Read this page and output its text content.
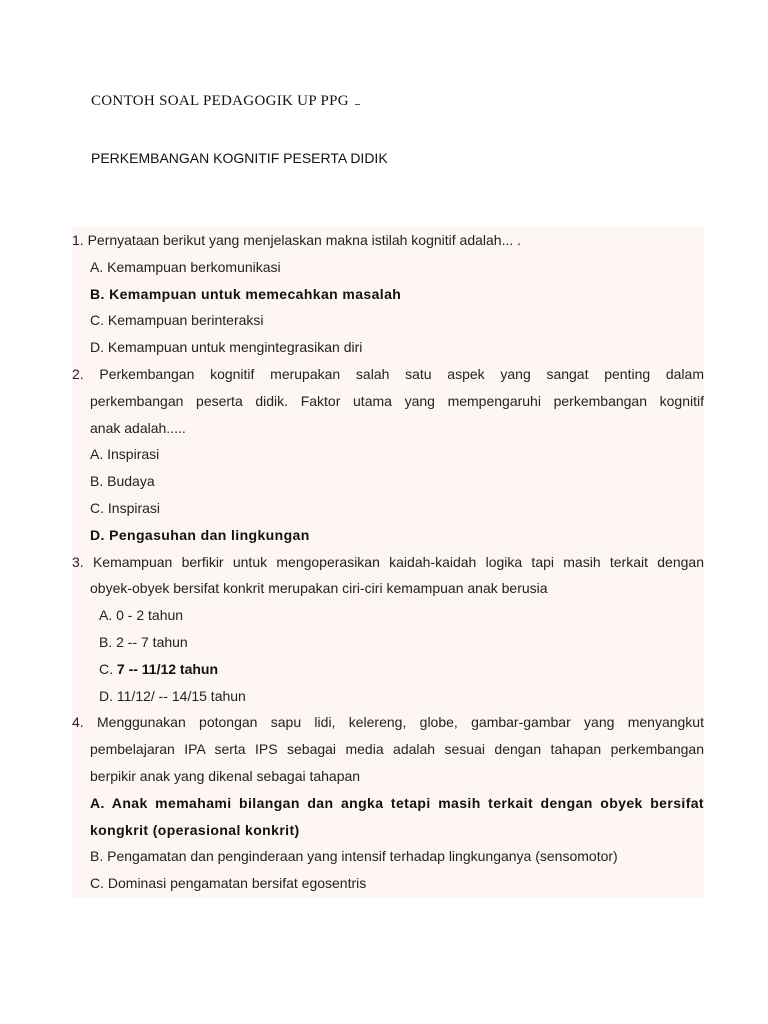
CONTOH SOAL PEDAGOGIK UP PPG
PERKEMBANGAN KOGNITIF PESERTA DIDIK
1. Pernyataan berikut yang menjelaskan makna istilah kognitif adalah... .
A. Kemampuan berkomunikasi
B. Kemampuan untuk memecahkan masalah
C. Kemampuan berinteraksi
D. Kemampuan untuk mengintegrasikan diri
2. Perkembangan kognitif merupakan salah satu aspek yang sangat penting dalam
perkembangan peserta didik. Faktor utama yang mempengaruhi perkembangan kognitif
anak adalah.....
A. Inspirasi
B. Budaya
C. Inspirasi
D. Pengasuhan dan lingkungan
3. Kemampuan berfikir untuk mengoperasikan kaidah-kaidah logika tapi masih terkait dengan
obyek-obyek bersifat konkrit merupakan ciri-ciri kemampuan anak berusia
A. 0 - 2 tahun
B. 2 -- 7 tahun
C. 7 -- 11/12 tahun
D. 11/12/ -- 14/15 tahun
4. Menggunakan potongan sapu lidi, kelereng, globe, gambar-gambar yang menyangkut
pembelajaran IPA serta IPS sebagai media adalah sesuai dengan tahapan perkembangan
berpikir anak yang dikenal sebagai tahapan
A. Anak memahami bilangan dan angka tetapi masih terkait dengan obyek bersifat
kongkrit (operasional konkrit)
B. Pengamatan dan penginderaan yang intensif terhadap lingkunganya (sensomotor)
C. Dominasi pengamatan bersifat egosentris
